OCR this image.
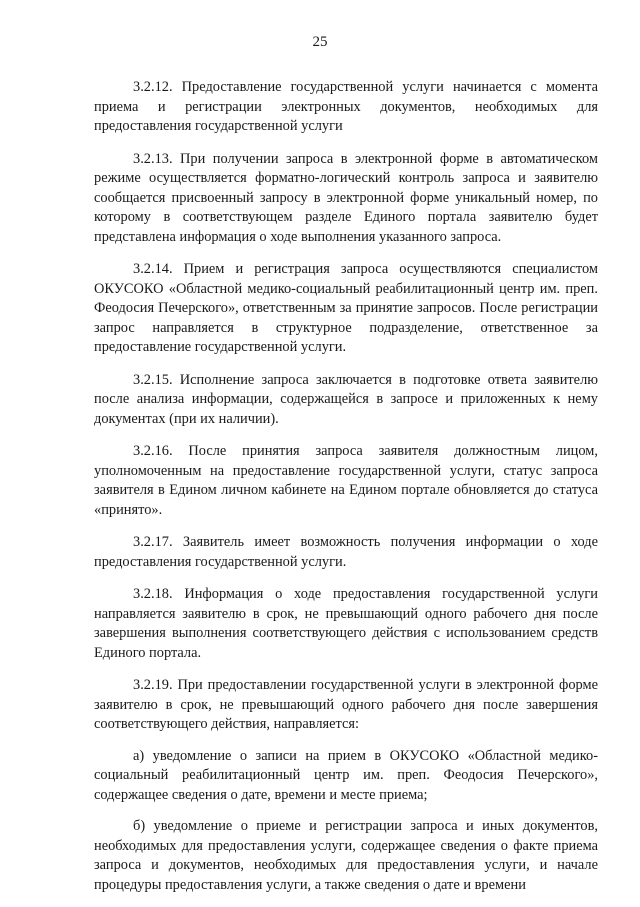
25

3.2.12. Предоставление государственной услуги начинается с момента приема и регистрации электронных документов, необходимых для предоставления государственной услуги

3.2.13. При получении запроса в электронной форме в автоматическом режиме осуществляется форматно-логический контроль запроса и заявителю сообщается присвоенный запросу в электронной форме уникальный номер, по которому в соответствующем разделе Единого портала заявителю будет представлена информация о ходе выполнения указанного запроса.

3.2.14. Прием и регистрация запроса осуществляются специалистом ОКУСОКО «Областной медико-социальный реабилитационный центр им. преп. Феодосия Печерского», ответственным за принятие запросов. После регистрации запрос направляется в структурное подразделение, ответственное за предоставление государственной услуги.

3.2.15. Исполнение запроса заключается в подготовке ответа заявителю после анализа информации, содержащейся в запросе и приложенных к нему документах (при их наличии).

3.2.16. После принятия запроса заявителя должностным лицом, уполномоченным на предоставление государственной услуги, статус запроса заявителя в Едином личном кабинете на Едином портале обновляется до статуса «принято».

3.2.17. Заявитель имеет возможность получения информации о ходе предоставления государственной услуги.

3.2.18. Информация о ходе предоставления государственной услуги направляется заявителю в срок, не превышающий одного рабочего дня после завершения выполнения соответствующего действия с использованием средств Единого портала.

3.2.19. При предоставлении государственной услуги в электронной форме заявителю в срок, не превышающий одного рабочего дня после завершения соответствующего действия, направляется:

а) уведомление о записи на прием в ОКУСОКО «Областной медико-социальный реабилитационный центр им. преп. Феодосия Печерского», содержащее сведения о дате, времени и месте приема;

б) уведомление о приеме и регистрации запроса и иных документов, необходимых для предоставления услуги, содержащее сведения о факте приема запроса и документов, необходимых для предоставления услуги, и начале процедуры предоставления услуги, а также сведения о дате и времени
